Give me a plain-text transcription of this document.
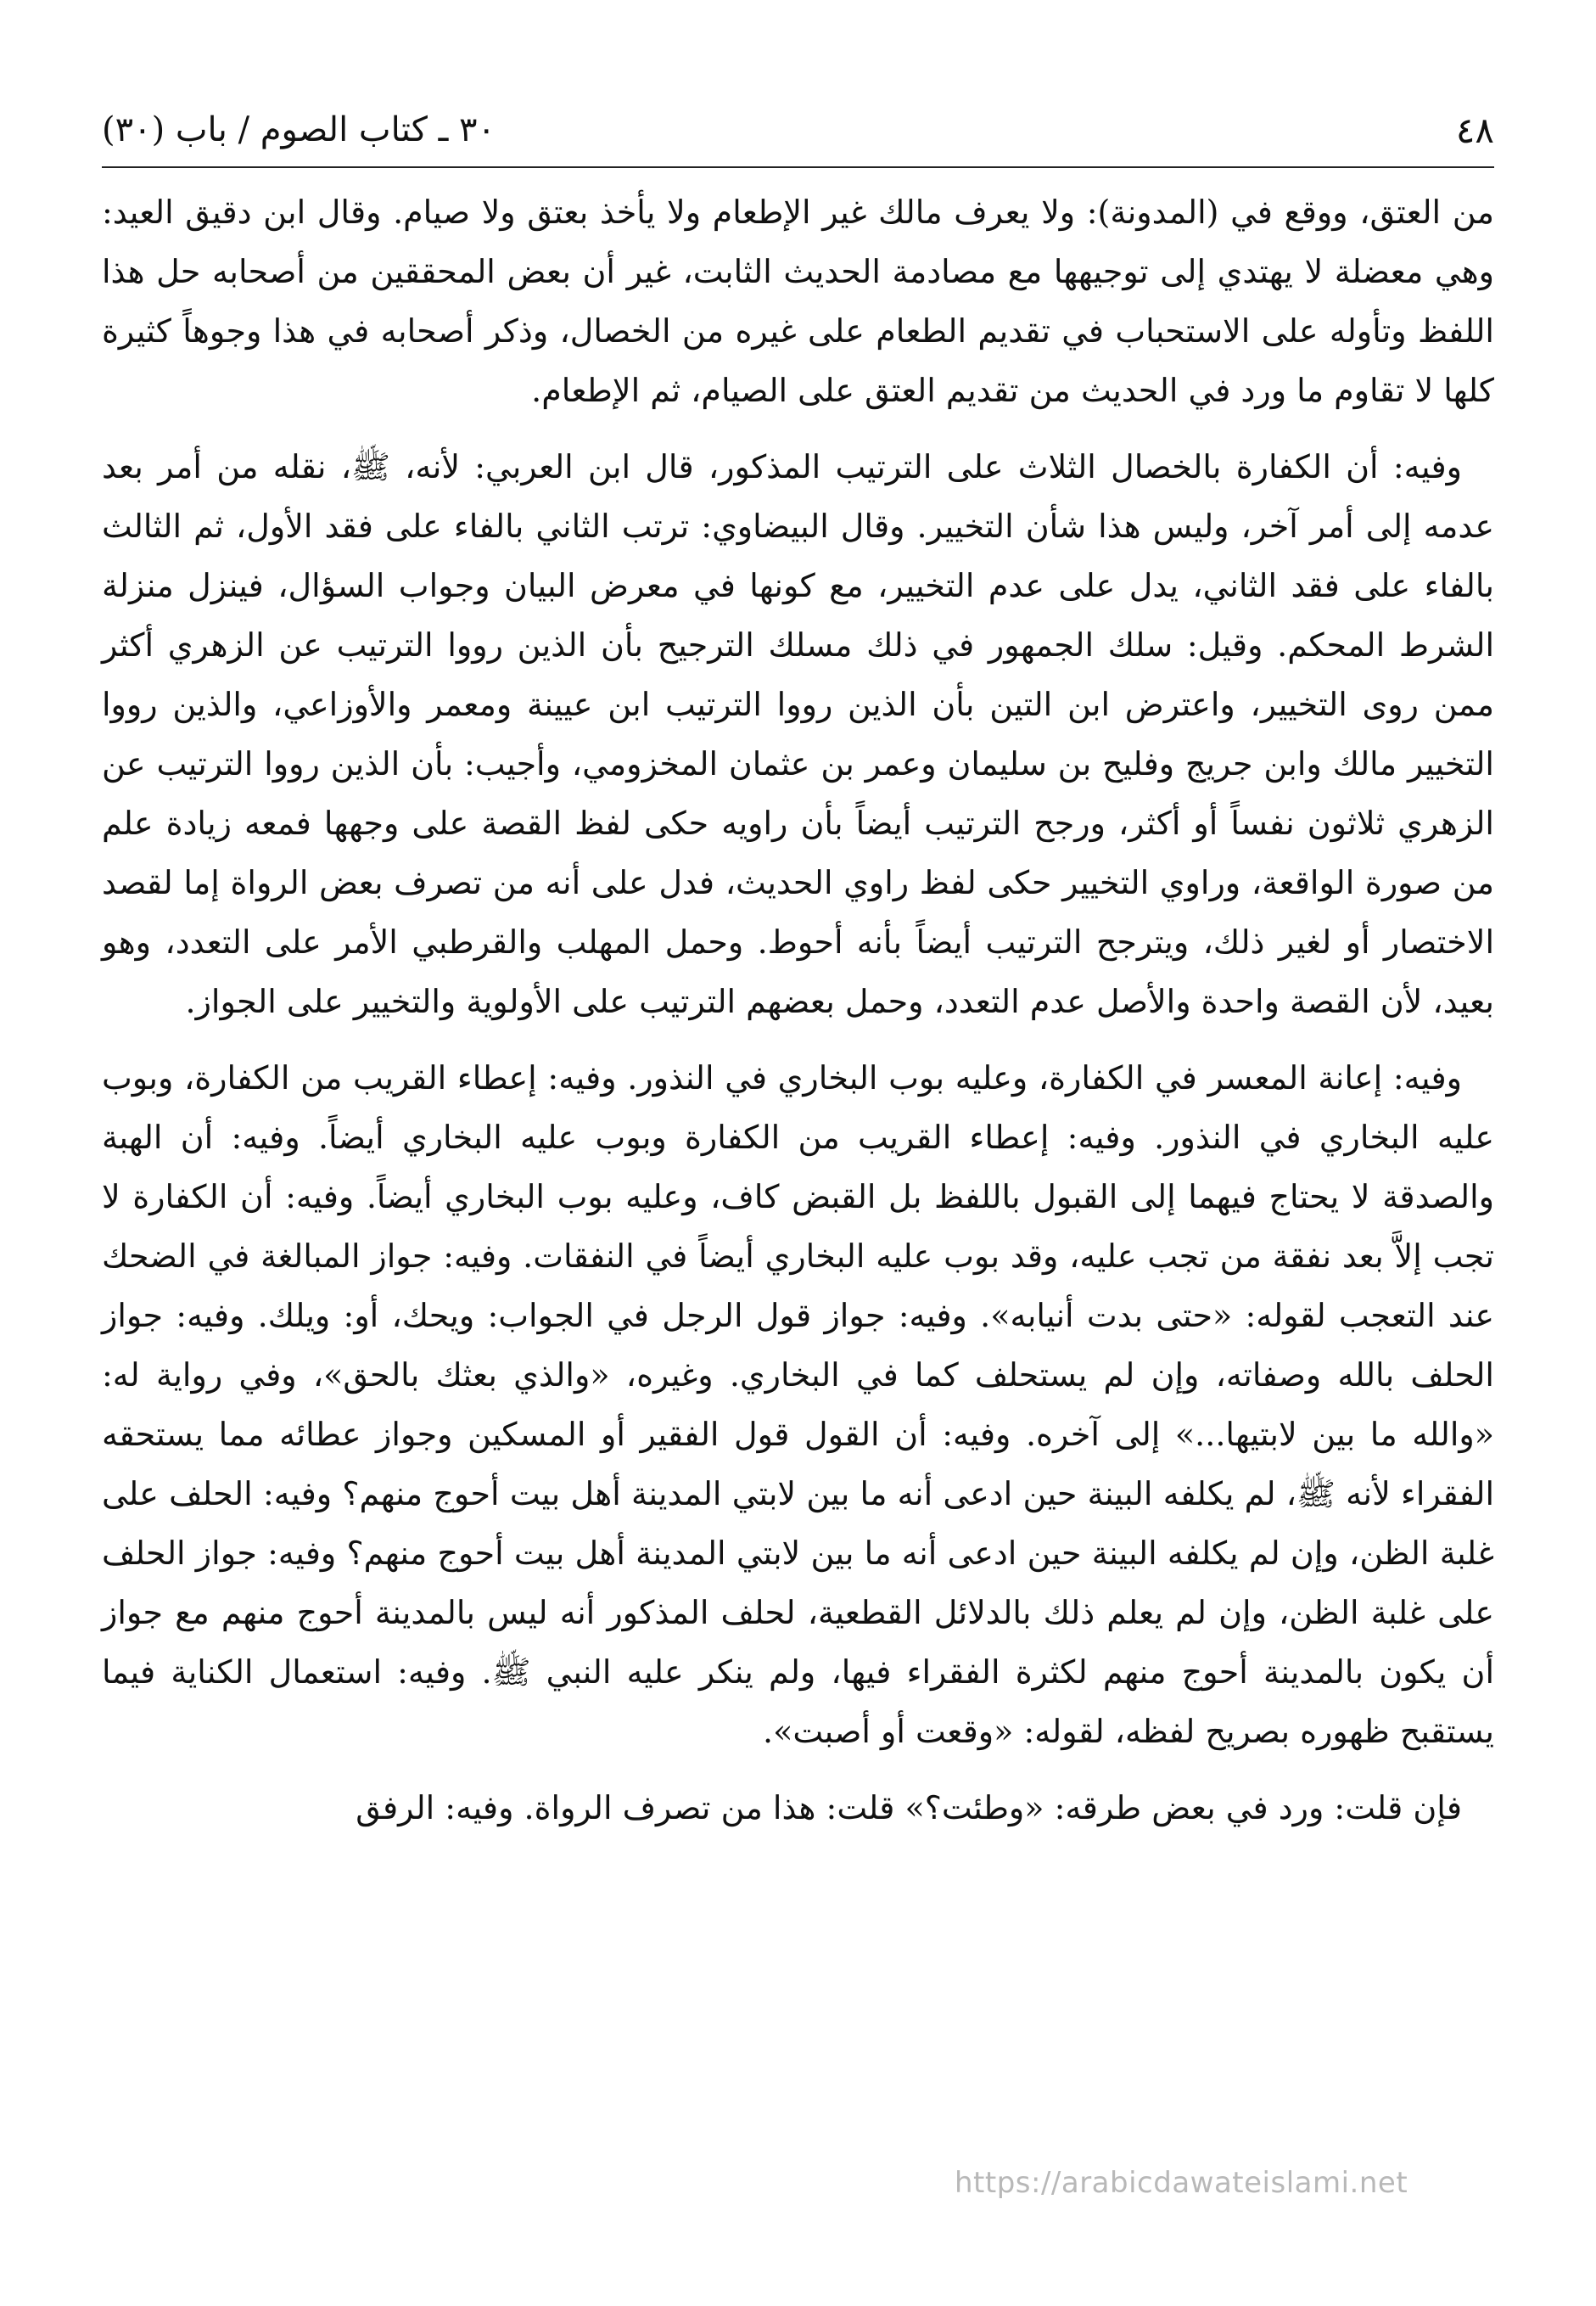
٤٨
٣٠ ـ كتاب الصوم / باب (٣٠)

من العتق، ووقع في (المدونة): ولا يعرف مالك غير الإطعام ولا يأخذ بعتق ولا صيام. وقال ابن دقيق العيد: وهي معضلة لا يهتدي إلى توجيهها مع مصادمة الحديث الثابت، غير أن بعض المحققين من أصحابه حل هذا اللفظ وتأوله على الاستحباب في تقديم الطعام على غيره من الخصال، وذكر أصحابه في هذا وجوهاً كثيرة كلها لا تقاوم ما ورد في الحديث من تقديم العتق على الصيام، ثم الإطعام.

وفيه: أن الكفارة بالخصال الثلاث على الترتيب المذكور، قال ابن العربي: لأنه، ﷺ، نقله من أمر بعد عدمه إلى أمر آخر، وليس هذا شأن التخيير. وقال البيضاوي: ترتب الثاني بالفاء على فقد الأول، ثم الثالث بالفاء على فقد الثاني، يدل على عدم التخيير، مع كونها في معرض البيان وجواب السؤال، فينزل منزلة الشرط المحكم. وقيل: سلك الجمهور في ذلك مسلك الترجيح بأن الذين رووا الترتيب عن الزهري أكثر ممن روى التخيير، واعترض ابن التين بأن الذين رووا الترتيب ابن عيينة ومعمر والأوزاعي، والذين رووا التخيير مالك وابن جريج وفليح بن سليمان وعمر بن عثمان المخزومي، وأجيب: بأن الذين رووا الترتيب عن الزهري ثلاثون نفساً أو أكثر، ورجح الترتيب أيضاً بأن راويه حكى لفظ القصة على وجهها فمعه زيادة علم من صورة الواقعة، وراوي التخيير حكى لفظ راوي الحديث، فدل على أنه من تصرف بعض الرواة إما لقصد الاختصار أو لغير ذلك، ويترجح الترتيب أيضاً بأنه أحوط. وحمل المهلب والقرطبي الأمر على التعدد، وهو بعيد، لأن القصة واحدة والأصل عدم التعدد، وحمل بعضهم الترتيب على الأولوية والتخيير على الجواز.

وفيه: إعانة المعسر في الكفارة، وعليه بوب البخاري في النذور. وفيه: إعطاء القريب من الكفارة، وبوب عليه البخاري في النذور. وفيه: إعطاء القريب من الكفارة وبوب عليه البخاري أيضاً. وفيه: أن الهبة والصدقة لا يحتاج فيهما إلى القبول باللفظ بل القبض كاف، وعليه بوب البخاري أيضاً. وفيه: أن الكفارة لا تجب إلاَّ بعد نفقة من تجب عليه، وقد بوب عليه البخاري أيضاً في النفقات. وفيه: جواز المبالغة في الضحك عند التعجب لقوله: «حتى بدت أنيابه». وفيه: جواز قول الرجل في الجواب: ويحك، أو: ويلك. وفيه: جواز الحلف بالله وصفاته، وإن لم يستحلف كما في البخاري. وغيره، «والذي بعثك بالحق»، وفي رواية له: «والله ما بين لابتيها...» إلى آخره. وفيه: أن القول قول الفقير أو المسكين وجواز عطائه مما يستحقه الفقراء لأنه ﷺ، لم يكلفه البينة حين ادعى أنه ما بين لابتي المدينة أهل بيت أحوج منهم؟ وفيه: الحلف على غلبة الظن، وإن لم يكلفه البينة حين ادعى أنه ما بين لابتي المدينة أهل بيت أحوج منهم؟ وفيه: جواز الحلف على غلبة الظن، وإن لم يعلم ذلك بالدلائل القطعية، لحلف المذكور أنه ليس بالمدينة أحوج منهم مع جواز أن يكون بالمدينة أحوج منهم لكثرة الفقراء فيها، ولم ينكر عليه النبي ﷺ. وفيه: استعمال الكناية فيما يستقبح ظهوره بصريح لفظه، لقوله: «وقعت أو أصبت».

فإن قلت: ورد في بعض طرقه: «وطئت؟» قلت: هذا من تصرف الرواة. وفيه: الرفق

https://arabicdawateislami.net
